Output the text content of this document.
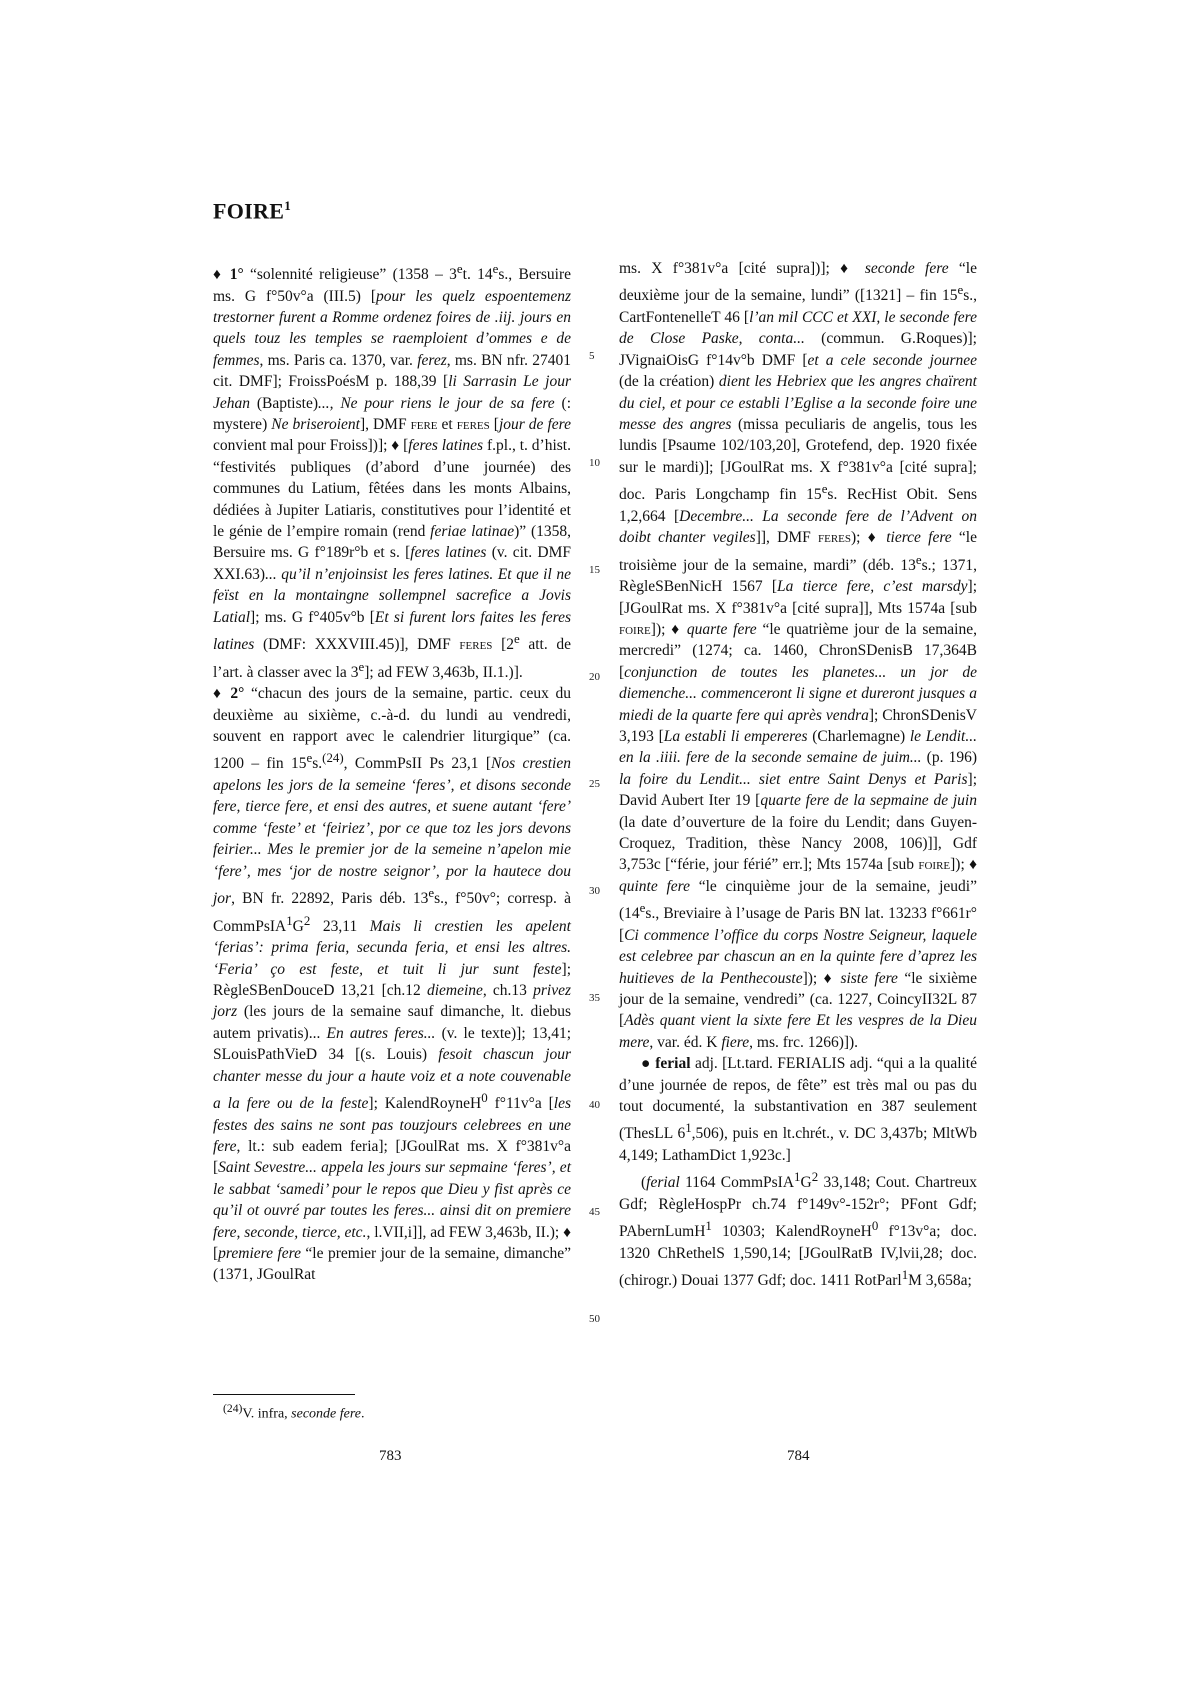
FOIRE$^1$

♦ 1° “solennité religieuse” (1358 – 3et. 14es., Bersuire ms. G f°50v°a (III.5) [pour les quelz espoentemenz trestorner furent a Romme ordenez foires de .iij. jours en quels touz les temples se raemploient d’ommes e de femmes, ms. Paris ca. 1370, var. ferez, ms. BN nfr. 27401 cit. DMF]; FroissPoésM p. 188,39 [li Sarrasin Le jour Jehan (Baptiste)..., Ne pour riens le jour de sa fere (: mystere) Ne briseroient], DMF fere et feres [jour de fere convient mal pour Froiss])]; ♦ [feres latines f.pl., t. d’hist. “festivités publiques (d’abord d’une journée) des communes du Latium, fêtées dans les monts Albains, dédiées à Jupiter Latiaris, constitutives pour l’identité et le génie de l’empire romain (rend feriae latinae)” (1358, Bersuire ms. G f°189r°b et s. [feres latines (v. cit. DMF XXI.63)... qu’il n’enjoinsist les feres latines. Et que il ne feïst en la montaingne sollempnel sacrefice a Jovis Latial]; ms. G f°405v°b [Et si furent lors faites les feres latines (DMF: XXXVIII.45)], DMF feres [2e att. de l’art. à classer avec la 3e]; ad FEW 3,463b, II.1.)].

♦ 2° “chacun des jours de la semaine, partic. ceux du deuxième au sixième, c.-à-d. du lundi au vendredi, souvent en rapport avec le calendrier liturgique” (ca. 1200 – fin 15es.$^{(24)}$, CommPsII Ps 23,1 [Nos crestien apelons les jors de la semeine ‘feres’, et disons seconde fere, tierce fere, et ensi des autres, et suene autant ‘fere’ comme ‘feste’ et ‘feiriez’, por ce que toz les jors devons feirier... Mes le premier jor de la semeine n’apelon mie ‘fere’, mes ‘jor de nostre seignor’, por la hautece dou jor, BN fr. 22892, Paris déb. 13es., f°50v°; corresp. à $CommPsIA^1G^2$ 23,11 Mais li crestien les apelent ‘ferias’: prima feria, secunda feria, et ensi les altres. ‘Feria’ ço est feste, et tuit li jur sunt feste]; RègleSBenDouceD 13,21 [ch.12 diemeine, ch.13 privez jorz (les jours de la semaine sauf dimanche, lt. diebus autem privatis)... En autres feres... (v. le texte)]; 13,41; SLouisPathVieD 34 [(s. Louis) fesoit chascun jour chanter messe du jour a haute voiz et a note couvenable a la fere ou de la feste]; KalendRoyneH$^0$ f°11v°a [les festes des sains ne sont pas touzjours celebrees en une fere, lt.: sub eadem feria]; [JGoulRat ms. X f°381v°a [Saint Sevestre... appela les jours sur sepmaine ‘feres’, et le sabbat ‘samedi’ pour le repos que Dieu y fist après ce qu’il ot ouvré par toutes les feres... ainsi dit on premiere fere, seconde, tierce, etc., l.VII,i]], ad FEW 3,463b, II.); ♦ [premiere fere “le premier jour de la semaine, dimanche” (1371, JGoulRat

5
10
15
20
25
30
35
40
45
50

ms. X f°381v°a [cité supra])]; ♦ seconde fere “le deuxième jour de la semaine, lundi” ([1321] – fin 15es., CartFontenelleT 46 [l’an mil CCC et XXI, le seconde fere de Close Paske, conta... (commun. G.Roques)]; JVignaiOisG f°14v°b DMF [et a cele seconde journee (de la création) dient les Hebriex que les angres chaïrent du ciel, et pour ce establi l’Eglise a la seconde foire une messe des angres (missa peculiaris de angelis, tous les lundis [Psaume 102/103,20], Grotefend, dep. 1920 fixée sur le mardi)]; [JGoulRat ms. X f°381v°a [cité supra]; doc. Paris Longchamp fin 15es. RecHist Obit. Sens 1,2,664 [Decembre... La seconde fere de l’Advent on doibt chanter vegiles]], DMF feres); ♦ tierce fere “le troisième jour de la semaine, mardi” (déb. 13es.; 1371, RègleSBenNicH 1567 [La tierce fere, c’est marsdy]; [JGoulRat ms. X f°381v°a [cité supra]], Mts 1574a [sub foire]); ♦ quarte fere “le quatrième jour de la semaine, mercredi” (1274; ca. 1460, ChronSDenisB 17,364B [conjunction de toutes les planetes... un jor de diemenche... commenceront li signe et dureront jusques a miedi de la quarte fere qui après vendra]; ChronSDenisV 3,193 [La establi li empereres (Charlemagne) le Lendit... en la .iiii. fere de la seconde semaine de juim... (p. 196) la foire du Lendit... siet entre Saint Denys et Paris]; David Aubert Iter 19 [quarte fere de la sepmaine de juin (la date d’ouverture de la foire du Lendit; dans Guyen-Croquez, Tradition, thèse Nancy 2008, 106)]], Gdf 3,753c [“férie, jour férié” err.]; Mts 1574a [sub foire]); ♦ quinte fere “le cinquième jour de la semaine, jeudi” (14es., Breviaire à l’usage de Paris BN lat. 13233 f°661r° [Ci commence l’office du corps Nostre Seigneur, laquele est celebree par chascun an en la quinte fere d’aprez les huitieves de la Penthecouste]); ♦ siste fere “le sixième jour de la semaine, vendredi” (ca. 1227, CoincyII32L 87 [Adès quant vient la sixte fere Et les vespres de la Dieu mere, var. éd. K fiere, ms. frc. 1266)]).

● ferial adj. [Lt.tard. FERIALIS adj. “qui a la qualité d’une journée de repos, de fête” est très mal ou pas du tout documenté, la substantivation en 387 seulement (ThesLL $6^1,506$), puis en lt.chrét., v. DC 3,437b; MltWb 4,149; LathamDict 1,923c.]

(ferial 1164 $CommPsIA^1G^2$ 33,148; Cout. Chartreux Gdf; RègleHospPr ch.74 f°149v°-152r°; PFont Gdf; PAbernLumH$^1$ 10303; KalendRoyneH$^0$ f°13v°a; doc. 1320 ChRethelS 1,590,14; [JGoulRatB IV,lvii,28; doc. (chirogr.) Douai 1377 Gdf; doc. 1411 RotParl$^1$M 3,658a;

$^{(24)}$V. infra, seconde fere.
783	784
